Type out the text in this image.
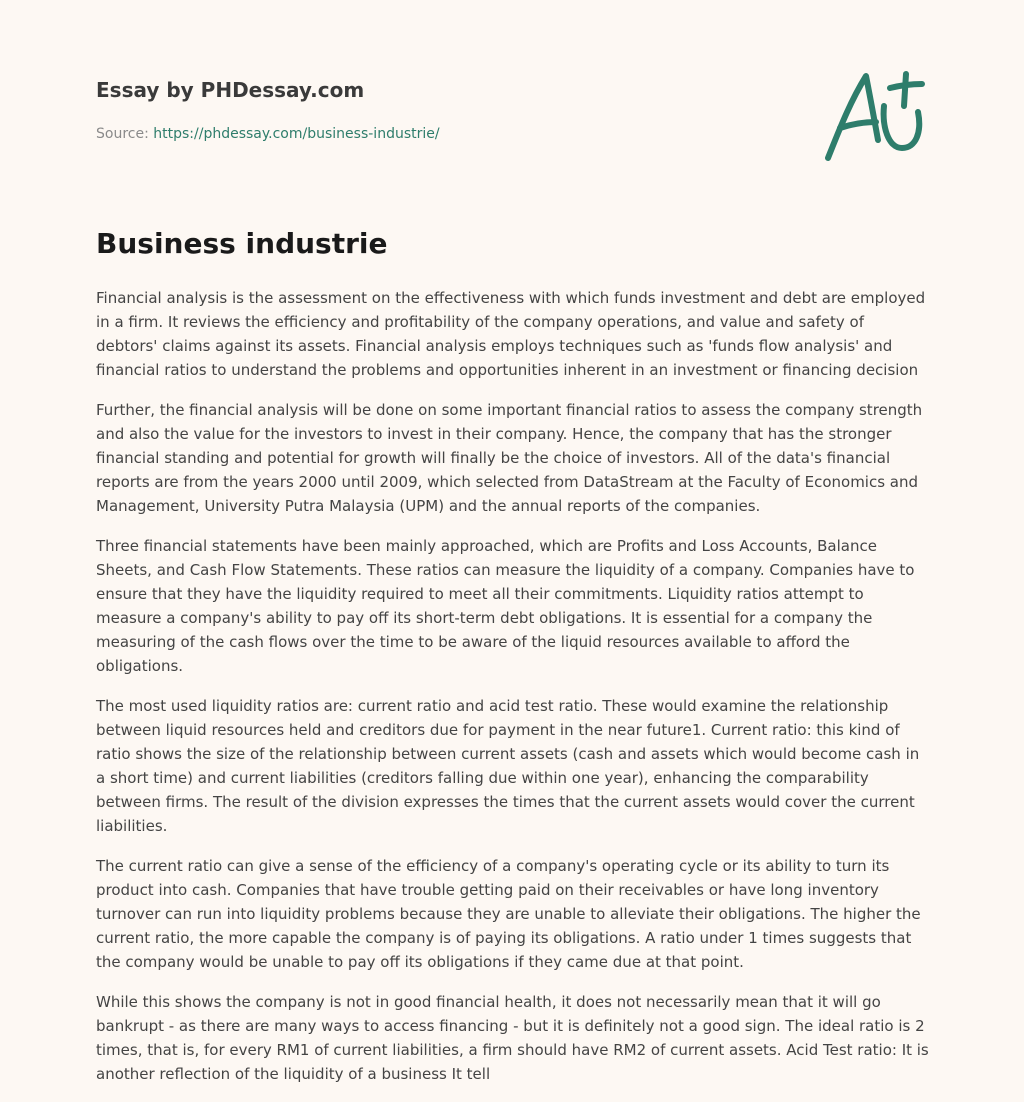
Essay by PHDessay.com
Source: https://phdessay.com/business-industrie/
Business industrie

Financial analysis is the assessment on the effectiveness with which funds investment and debt are employed in a firm. It reviews the efficiency and profitability of the company operations, and value and safety of debtors' claims against its assets. Financial analysis employs techniques such as 'funds flow analysis' and financial ratios to understand the problems and opportunities inherent in an investment or financing decision

Further, the financial analysis will be done on some important financial ratios to assess the company strength and also the value for the investors to invest in their company. Hence, the company that has the stronger financial standing and potential for growth will finally be the choice of investors. All of the data's financial reports are from the years 2000 until 2009, which selected from DataStream at the Faculty of Economics and Management, University Putra Malaysia (UPM) and the annual reports of the companies.

Three financial statements have been mainly approached, which are Profits and Loss Accounts, Balance Sheets, and Cash Flow Statements. These ratios can measure the liquidity of a company. Companies have to ensure that they have the liquidity required to meet all their commitments. Liquidity ratios attempt to measure a company's ability to pay off its short-term debt obligations. It is essential for a company the measuring of the cash flows over the time to be aware of the liquid resources available to afford the obligations.

The most used liquidity ratios are: current ratio and acid test ratio. These would examine the relationship between liquid resources held and creditors due for payment in the near future1. Current ratio: this kind of ratio shows the size of the relationship between current assets (cash and assets which would become cash in a short time) and current liabilities (creditors falling due within one year), enhancing the comparability between firms. The result of the division expresses the times that the current assets would cover the current liabilities.

The current ratio can give a sense of the efficiency of a company's operating cycle or its ability to turn its product into cash. Companies that have trouble getting paid on their receivables or have long inventory turnover can run into liquidity problems because they are unable to alleviate their obligations. The higher the current ratio, the more capable the company is of paying its obligations. A ratio under 1 times suggests that the company would be unable to pay off its obligations if they came due at that point.

While this shows the company is not in good financial health, it does not necessarily mean that it will go bankrupt - as there are many ways to access financing - but it is definitely not a good sign. The ideal ratio is 2 times, that is, for every RM1 of current liabilities, a firm should have RM2 of current assets. Acid Test ratio: It is another reflection of the liquidity of a business It tell
